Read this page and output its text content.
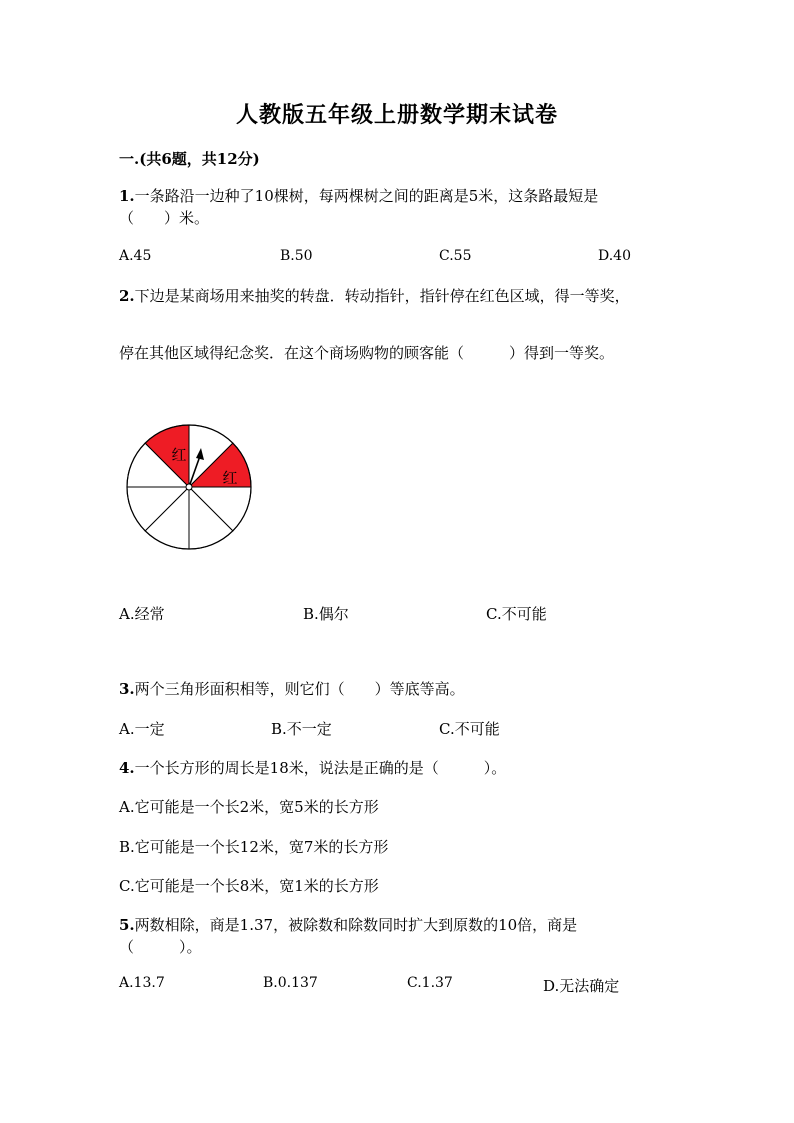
人教版五年级上册数学期末试卷
一.(共6题，共12分)
1.一条路沿一边种了10棵树，每两棵树之间的距离是5米，这条路最短是
（　　）米。
A.45	B.50	C.55	D.40
2.下边是某商场用来抽奖的转盘．转动指针，指针停在红色区域，得一等奖，
停在其他区域得纪念奖．在这个商场购物的顾客能（　　　）得到一等奖。
红
红
A.经常	B.偶尔	C.不可能
3.两个三角形面积相等，则它们（　　）等底等高。
A.一定	B.不一定	C.不可能
4.一个长方形的周长是18米，说法是正确的是（　　　）。
A.它可能是一个长2米，宽5米的长方形
B.它可能是一个长12米，宽7米的长方形
C.它可能是一个长8米，宽1米的长方形
5.两数相除，商是1.37，被除数和除数同时扩大到原数的10倍，商是
（　　　）。
A.13.7	B.0.137	C.1.37	D.无法确定
